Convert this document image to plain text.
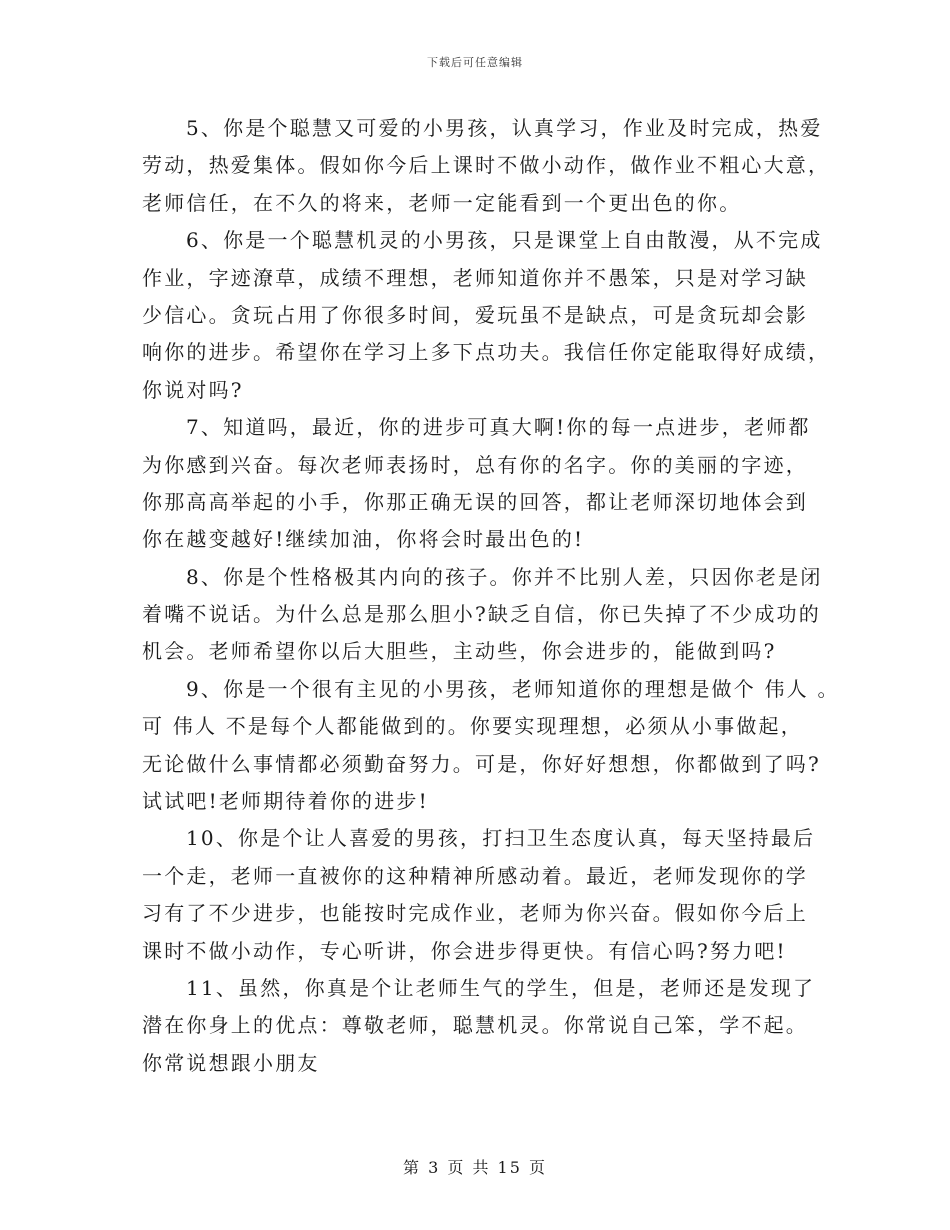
下载后可任意编辑
5、你是个聪慧又可爱的小男孩，认真学习，作业及时完成，热爱
劳动，热爱集体。假如你今后上课时不做小动作，做作业不粗心大意，
老师信任，在不久的将来，老师一定能看到一个更出色的你。
6、你是一个聪慧机灵的小男孩，只是课堂上自由散漫，从不完成
作业，字迹潦草，成绩不理想，老师知道你并不愚笨，只是对学习缺
少信心。贪玩占用了你很多时间，爱玩虽不是缺点，可是贪玩却会影
响你的进步。希望你在学习上多下点功夫。我信任你定能取得好成绩，
你说对吗?
7、知道吗，最近，你的进步可真大啊!你的每一点进步，老师都
为你感到兴奋。每次老师表扬时，总有你的名字。你的美丽的字迹，
你那高高举起的小手，你那正确无误的回答，都让老师深切地体会到
你在越变越好!继续加油，你将会时最出色的!
8、你是个性格极其内向的孩子。你并不比别人差，只因你老是闭
着嘴不说话。为什么总是那么胆小?缺乏自信，你已失掉了不少成功的
机会。老师希望你以后大胆些，主动些，你会进步的，能做到吗?
9、你是一个很有主见的小男孩，老师知道你的理想是做个 伟人 。
可 伟人 不是每个人都能做到的。你要实现理想，必须从小事做起，
无论做什么事情都必须勤奋努力。可是，你好好想想，你都做到了吗?
试试吧!老师期待着你的进步!
10、你是个让人喜爱的男孩，打扫卫生态度认真，每天坚持最后
一个走，老师一直被你的这种精神所感动着。最近，老师发现你的学
习有了不少进步，也能按时完成作业，老师为你兴奋。假如你今后上
课时不做小动作，专心听讲，你会进步得更快。有信心吗?努力吧!
11、虽然，你真是个让老师生气的学生，但是，老师还是发现了
潜在你身上的优点：尊敬老师，聪慧机灵。你常说自己笨，学不起。
你常说想跟小朋友
第 3 页 共 15 页
